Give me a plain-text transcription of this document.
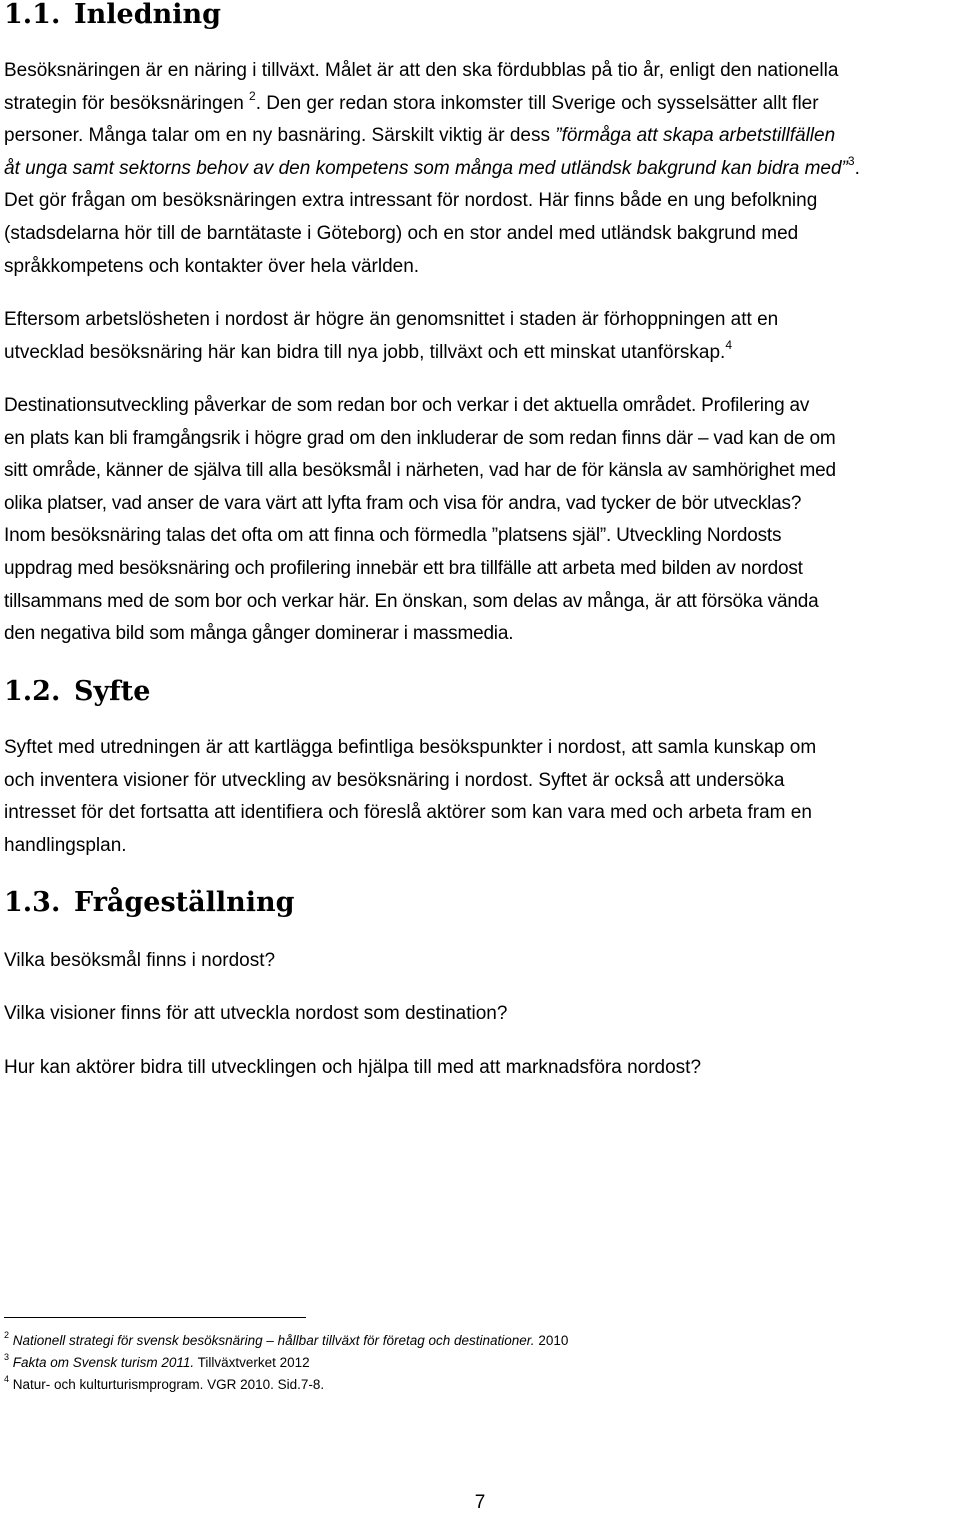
1.1. Inledning
Besöksnäringen är en näring i tillväxt. Målet är att den ska fördubblas på tio år, enligt den nationella
strategin för besöksnäringen $^2$. Den ger redan stora inkomster till Sverige och sysselsätter allt fler
personer. Många talar om en ny basnäring. Särskilt viktig är dess ”förmåga att skapa arbetstillfällen
åt unga samt sektorns behov av den kompetens som många med utländsk bakgrund kan bidra med”$^3$.
Det gör frågan om besöksnäringen extra intressant för nordost. Här finns både en ung befolkning
(stadsdelarna hör till de barntätaste i Göteborg) och en stor andel med utländsk bakgrund med
språkkompetens och kontakter över hela världen.
Eftersom arbetslösheten i nordost är högre än genomsnittet i staden är förhoppningen att en
utvecklad besöksnäring här kan bidra till nya jobb, tillväxt och ett minskat utanförskap.$^4$
Destinationsutveckling påverkar de som redan bor och verkar i det aktuella området. Profilering av
en plats kan bli framgångsrik i högre grad om den inkluderar de som redan finns där – vad kan de om
sitt område, känner de själva till alla besöksmål i närheten, vad har de för känsla av samhörighet med
olika platser, vad anser de vara värt att lyfta fram och visa för andra, vad tycker de bör utvecklas?
Inom besöksnäring talas det ofta om att finna och förmedla ”platsens själ”. Utveckling Nordosts
uppdrag med besöksnäring och profilering innebär ett bra tillfälle att arbeta med bilden av nordost
tillsammans med de som bor och verkar här. En önskan, som delas av många, är att försöka vända
den negativa bild som många gånger dominerar i massmedia.
1.2. Syfte
Syftet med utredningen är att kartlägga befintliga besökspunkter i nordost, att samla kunskap om
och inventera visioner för utveckling av besöksnäring i nordost. Syftet är också att undersöka
intresset för det fortsatta att identifiera och föreslå aktörer som kan vara med och arbeta fram en
handlingsplan.
1.3. Frågeställning
Vilka besöksmål finns i nordost?
Vilka visioner finns för att utveckla nordost som destination?
Hur kan aktörer bidra till utvecklingen och hjälpa till med att marknadsföra nordost?
$^2$ Nationell strategi för svensk besöksnäring – hållbar tillväxt för företag och destinationer. 2010
$^3$ Fakta om Svensk turism 2011. Tillväxtverket 2012
$^4$ Natur- och kulturturismprogram. VGR 2010. Sid.7-8.
7
